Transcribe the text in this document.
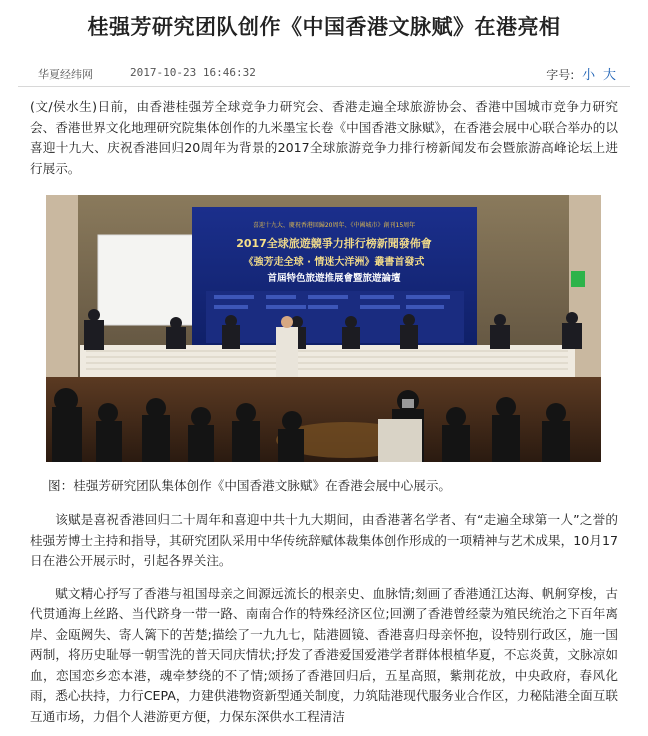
桂强芳研究团队创作《中国香港文脉赋》在港亮相
华夏经纬网	2017-10-23 16:46:32	字号: 小 大

(文/侯水生)日前，由香港桂强芳全球竞争力研究会、香港走遍全球旅游协会、香港中国城市竞争力研究会、香港世界文化地理研究院集体创作的九米墨宝长卷《中国香港文脉赋》，在香港会展中心联合举办的以喜迎十九大、庆祝香港回归20周年为背景的2017全球旅游竞争力排行榜新闻发布会暨旅游高峰论坛上进行展示。

喜迎十九大、慶祝香港回歸20周年、《中國城市》創刊15周年
2017全球旅遊競爭力排行榜新聞發佈會
《強芳走全球 · 情迷大洋洲》叢書首發式
首屆特色旅遊推展會暨旅遊論壇

图：桂强芳研究团队集体创作《中国香港文脉赋》在香港会展中心展示。

该赋是喜祝香港回归二十周年和喜迎中共十九大期间，由香港著名学者、有“走遍全球第一人”之誉的桂强芳博士主持和指导，其研究团队采用中华传统辞赋体裁集体创作形成的一项精神与艺术成果，10月17日在港公开展示时，引起各界关注。

赋文精心抒写了香港与祖国母亲之间源远流长的根亲史、血脉情;刻画了香港通江达海、帆舸穿梭，古代贯通海上丝路、当代跻身一带一路、南南合作的特殊经济区位;回溯了香港曾经蒙为殖民统治之下百年离岸、金瓯阙失、寄人篱下的苦楚;描绘了一九九七，陆港圆镜、香港喜归母亲怀抱，设特别行政区，施一国两制，将历史耻辱一朝雪洗的普天同庆情状;抒发了香港爱国爱港学者群体根植华夏，不忘炎黄，文脉凉如血，恋国恋乡恋本港，魂牵梦绕的不了情;颂扬了香港回归后，五星高照，紫荆花放，中央政府，春风化雨，悉心扶持，力行CEPA，力建供港物资新型通关制度，力筑陆港现代服务业合作区，力秘陆港全面互联互通市场，力倡个人港游更方便，力保东深供水工程清洁
